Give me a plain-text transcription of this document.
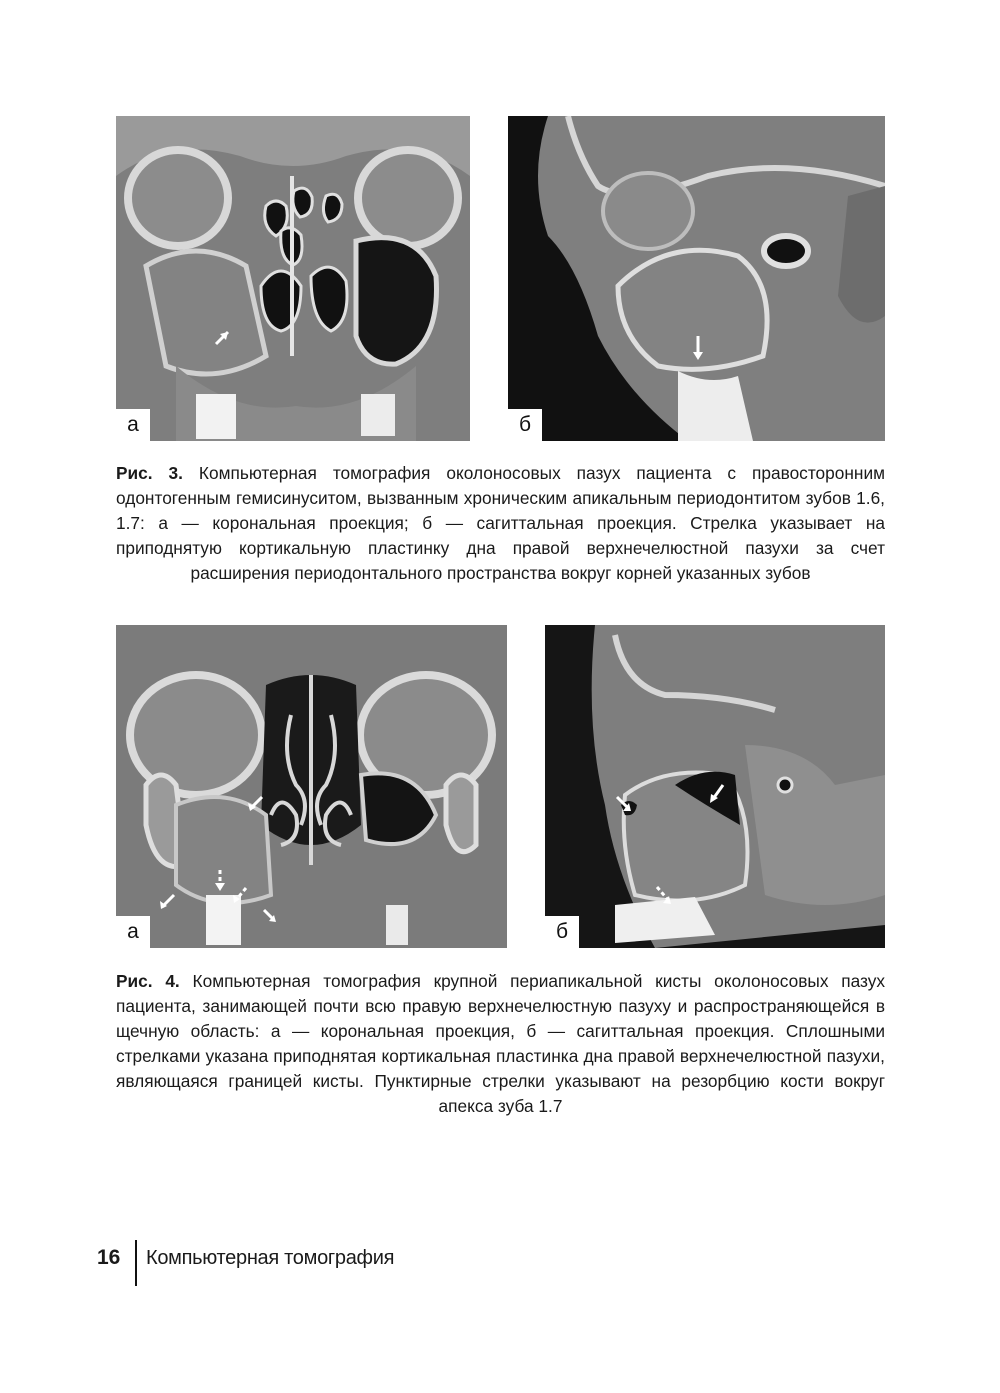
а	б
Рис. 3. Компьютерная томография околоносовых пазух пациента с правосторонним одонтогенным гемисинуситом, вызванным хроническим апикальным периодонтитом зубов 1.6, 1.7: а — корональная проекция; б — сагиттальная проекция. Стрелка указывает на приподнятую кортикальную пластинку дна правой верхнечелюстной пазухи за счет расширения периодонтального пространства вокруг корней указанных зубов
а	б
Рис. 4. Компьютерная томография крупной периапикальной кисты околоносовых пазух пациента, занимающей почти всю правую верхнечелюстную пазуху и распространяющейся в щечную область: а — корональная проекция, б — сагиттальная проекция. Сплошными стрелками указана приподнятая кортикальная пластинка дна правой верхнечелюстной пазухи, являющаяся границей кисты. Пунктирные стрелки указывают на резорбцию кости вокруг апекса зуба 1.7
16 Компьютерная томография
